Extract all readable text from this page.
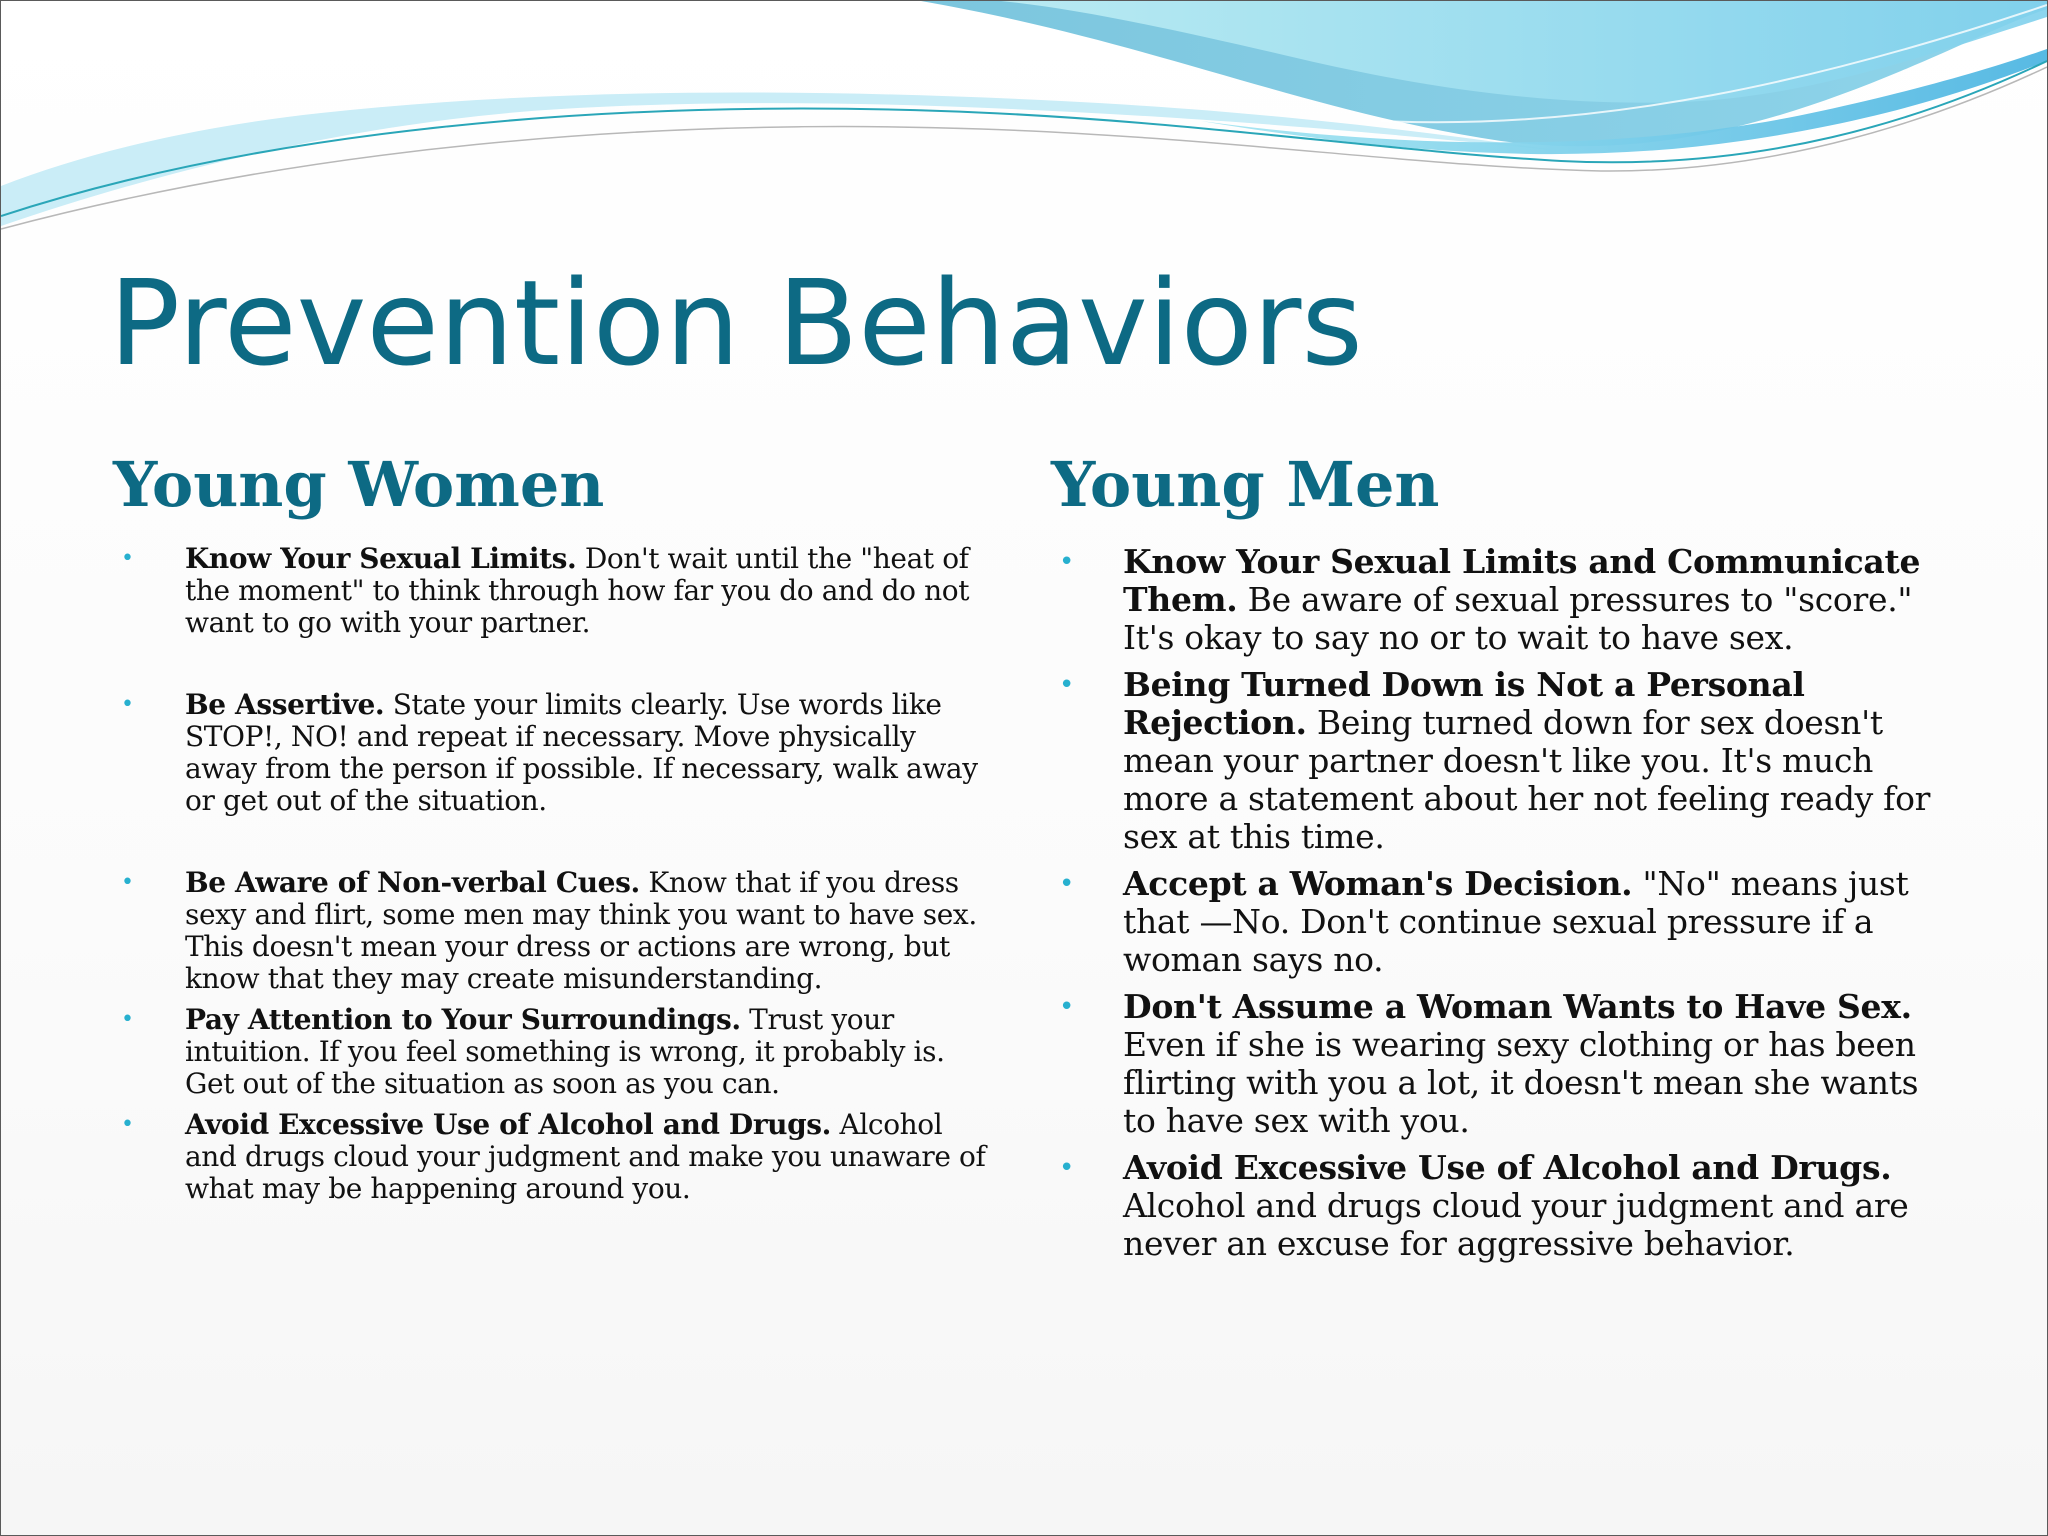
Prevention Behaviors
Young Women
• Know Your Sexual Limits. Don't wait until the "heat of the moment" to think through how far you do and do not want to go with your partner.
• Be Assertive. State your limits clearly. Use words like STOP!, NO! and repeat if necessary. Move physically away from the person if possible. If necessary, walk away or get out of the situation.
• Be Aware of Non-verbal Cues. Know that if you dress sexy and flirt, some men may think you want to have sex. This doesn't mean your dress or actions are wrong, but know that they may create misunderstanding.
• Pay Attention to Your Surroundings. Trust your intuition. If you feel something is wrong, it probably is. Get out of the situation as soon as you can.
• Avoid Excessive Use of Alcohol and Drugs. Alcohol and drugs cloud your judgment and make you unaware of what may be happening around you.
Young Men
• Know Your Sexual Limits and Communicate Them. Be aware of sexual pressures to "score." It's okay to say no or to wait to have sex.
• Being Turned Down is Not a Personal Rejection. Being turned down for sex doesn't mean your partner doesn't like you. It's much more a statement about her not feeling ready for sex at this time.
• Accept a Woman's Decision. "No" means just that —No. Don't continue sexual pressure if a woman says no.
• Don't Assume a Woman Wants to Have Sex. Even if she is wearing sexy clothing or has been flirting with you a lot, it doesn't mean she wants to have sex with you.
• Avoid Excessive Use of Alcohol and Drugs. Alcohol and drugs cloud your judgment and are never an excuse for aggressive behavior.
